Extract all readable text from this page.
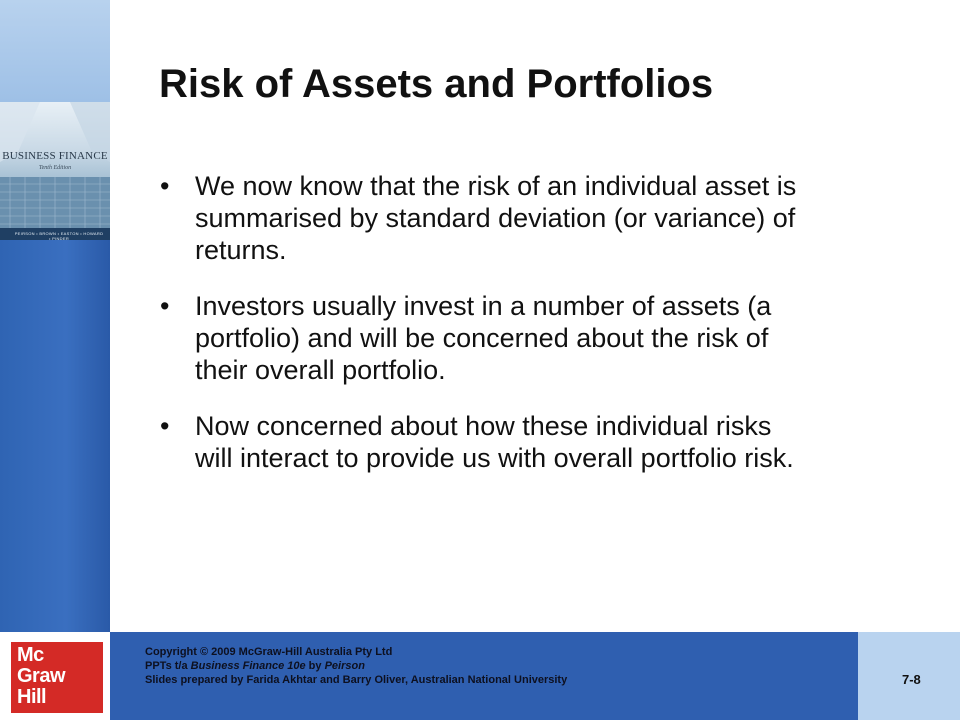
BUSINESS FINANCE
Tenth Edition
PEIRSON • BROWN • EASTON • HOWARD • PINDER
Risk of Assets and Portfolios
• We now know that the risk of an individual asset is summarised by standard deviation (or variance) of returns.
• Investors usually invest in a number of assets (a portfolio) and will be concerned about the risk of their overall portfolio.
• Now concerned about how these individual risks will interact to provide us with overall portfolio risk.
Mc
Graw
Hill
Copyright © 2009 McGraw-Hill Australia Pty Ltd
PPTs t/a Business Finance 10e by Peirson
Slides prepared by Farida Akhtar and Barry Oliver, Australian National University	7-8
